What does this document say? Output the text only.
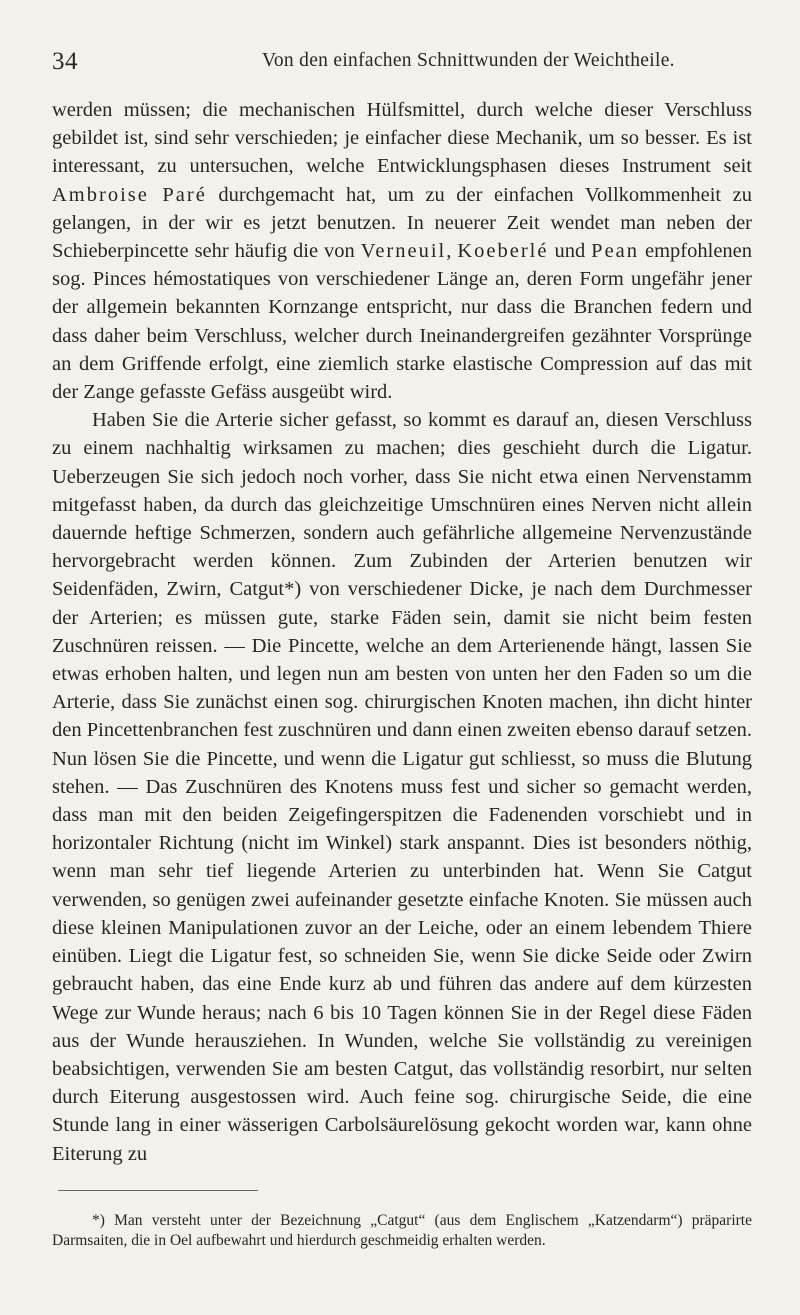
34	Von den einfachen Schnittwunden der Weichtheile.

werden müssen; die mechanischen Hülfsmittel, durch welche dieser Verschluss gebildet ist, sind sehr verschieden; je einfacher diese Mechanik, um so besser. Es ist interessant, zu untersuchen, welche Entwicklungsphasen dieses Instrument seit Ambroise Paré durchgemacht hat, um zu der einfachen Vollkommenheit zu gelangen, in der wir es jetzt benutzen. In neuerer Zeit wendet man neben der Schieberpincette sehr häufig die von Verneuil, Koeberlé und Pean empfohlenen sog. Pinces hémostatiques von verschiedener Länge an, deren Form ungefähr jener der allgemein bekannten Kornzange entspricht, nur dass die Branchen federn und dass daher beim Verschluss, welcher durch Ineinandergreifen gezähnter Vorsprünge an dem Griffende erfolgt, eine ziemlich starke elastische Compression auf das mit der Zange gefasste Gefäss ausgeübt wird.

Haben Sie die Arterie sicher gefasst, so kommt es darauf an, diesen Verschluss zu einem nachhaltig wirksamen zu machen; dies geschieht durch die Ligatur. Ueberzeugen Sie sich jedoch noch vorher, dass Sie nicht etwa einen Nervenstamm mitgefasst haben, da durch das gleichzeitige Umschnüren eines Nerven nicht allein dauernde heftige Schmerzen, sondern auch gefährliche allgemeine Nervenzustände hervorgebracht werden können. Zum Zubinden der Arterien benutzen wir Seidenfäden, Zwirn, Catgut*) von verschiedener Dicke, je nach dem Durchmesser der Arterien; es müssen gute, starke Fäden sein, damit sie nicht beim festen Zuschnüren reissen. — Die Pincette, welche an dem Arterienende hängt, lassen Sie etwas erhoben halten, und legen nun am besten von unten her den Faden so um die Arterie, dass Sie zunächst einen sog. chirurgischen Knoten machen, ihn dicht hinter den Pincettenbranchen fest zuschnüren und dann einen zweiten ebenso darauf setzen. Nun lösen Sie die Pincette, und wenn die Ligatur gut schliesst, so muss die Blutung stehen. — Das Zuschnüren des Knotens muss fest und sicher so gemacht werden, dass man mit den beiden Zeigefingerspitzen die Fadenenden vorschiebt und in horizontaler Richtung (nicht im Winkel) stark anspannt. Dies ist besonders nöthig, wenn man sehr tief liegende Arterien zu unterbinden hat. Wenn Sie Catgut verwenden, so genügen zwei aufeinander gesetzte einfache Knoten. Sie müssen auch diese kleinen Manipulationen zuvor an der Leiche, oder an einem lebendem Thiere einüben. Liegt die Ligatur fest, so schneiden Sie, wenn Sie dicke Seide oder Zwirn gebraucht haben, das eine Ende kurz ab und führen das andere auf dem kürzesten Wege zur Wunde heraus; nach 6 bis 10 Tagen können Sie in der Regel diese Fäden aus der Wunde herausziehen. In Wunden, welche Sie vollständig zu vereinigen beabsichtigen, verwenden Sie am besten Catgut, das vollständig resorbirt, nur selten durch Eiterung ausgestossen wird. Auch feine sog. chirurgische Seide, die eine Stunde lang in einer wässerigen Carbolsäurelösung gekocht worden war, kann ohne Eiterung zu

*) Man versteht unter der Bezeichnung „Catgut“ (aus dem Englischem „Katzendarm“) präparirte Darmsaiten, die in Oel aufbewahrt und hierdurch geschmeidig erhalten werden.
